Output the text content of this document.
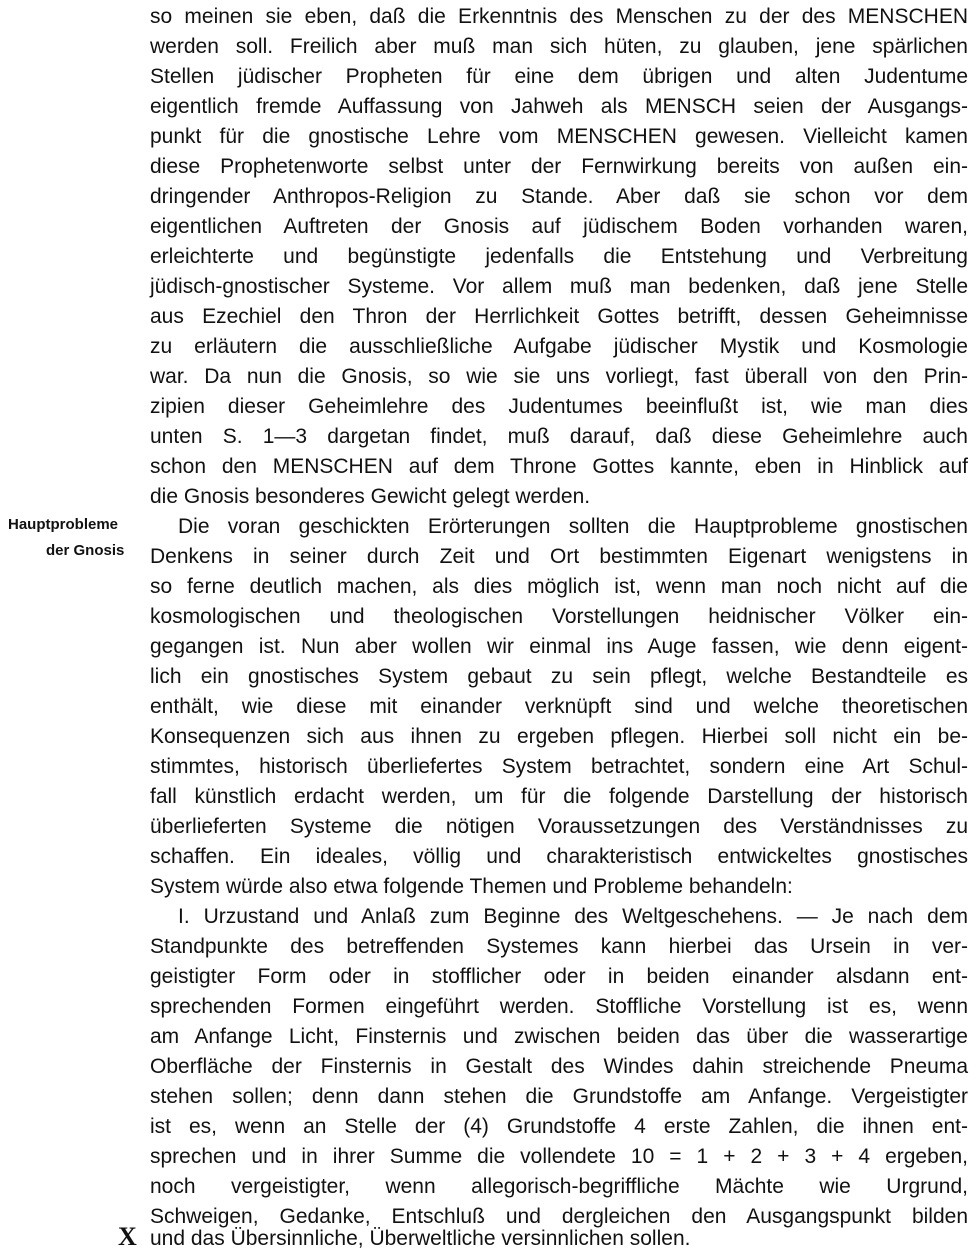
so meinen sie eben, daß die Erkenntnis des Menschen zu der des MENSCHEN
werden soll. Freilich aber muß man sich hüten, zu glauben, jene spärlichen
Stellen jüdischer Propheten für eine dem übrigen und alten Judentume
eigentlich fremde Auffassung von Jahweh als MENSCH seien der Ausgangs-
punkt für die gnostische Lehre vom MENSCHEN gewesen. Vielleicht kamen
diese Prophetenworte selbst unter der Fernwirkung bereits von außen ein-
dringender Anthropos-Religion zu Stande. Aber daß sie schon vor dem
eigentlichen Auftreten der Gnosis auf jüdischem Boden vorhanden waren,
erleichterte und begünstigte jedenfalls die Entstehung und Verbreitung
jüdisch-gnostischer Systeme. Vor allem muß man bedenken, daß jene Stelle
aus Ezechiel den Thron der Herrlichkeit Gottes betrifft, dessen Geheimnisse
zu erläutern die ausschließliche Aufgabe jüdischer Mystik und Kosmologie
war. Da nun die Gnosis, so wie sie uns vorliegt, fast überall von den Prin-
zipien dieser Geheimlehre des Judentumes beeinflußt ist, wie man dies
unten S. 1—3 dargetan findet, muß darauf, daß diese Geheimlehre auch
schon den MENSCHEN auf dem Throne Gottes kannte, eben in Hinblick auf
die Gnosis besonderes Gewicht gelegt werden.
Hauptprobleme
der Gnosis
Die voran geschickten Erörterungen sollten die Hauptprobleme gnostischen
Denkens in seiner durch Zeit und Ort bestimmten Eigenart wenigstens in
so ferne deutlich machen, als dies möglich ist, wenn man noch nicht auf die
kosmologischen und theologischen Vorstellungen heidnischer Völker ein-
gegangen ist. Nun aber wollen wir einmal ins Auge fassen, wie denn eigent-
lich ein gnostisches System gebaut zu sein pflegt, welche Bestandteile es
enthält, wie diese mit einander verknüpft sind und welche theoretischen
Konsequenzen sich aus ihnen zu ergeben pflegen. Hierbei soll nicht ein be-
stimmtes, historisch überliefertes System betrachtet, sondern eine Art Schul-
fall künstlich erdacht werden, um für die folgende Darstellung der historisch
überlieferten Systeme die nötigen Voraussetzungen des Verständnisses zu
schaffen. Ein ideales, völlig und charakteristisch entwickeltes gnostisches
System würde also etwa folgende Themen und Probleme behandeln:
I. Urzustand und Anlaß zum Beginne des Weltgeschehens. — Je nach dem
Standpunkte des betreffenden Systemes kann hierbei das Ursein in ver-
geistigter Form oder in stofflicher oder in beiden einander alsdann ent-
sprechenden Formen eingeführt werden. Stoffliche Vorstellung ist es, wenn
am Anfange Licht, Finsternis und zwischen beiden das über die wasserartige
Oberfläche der Finsternis in Gestalt des Windes dahin streichende Pneuma
stehen sollen; denn dann stehen die Grundstoffe am Anfange. Vergeistigter
ist es, wenn an Stelle der (4) Grundstoffe 4 erste Zahlen, die ihnen ent-
sprechen und in ihrer Summe die vollendete 10 = 1 + 2 + 3 + 4 ergeben,
noch vergeistigter, wenn allegorisch-begriffliche Mächte wie Urgrund,
Schweigen, Gedanke, Entschluß und dergleichen den Ausgangspunkt bilden
und das Übersinnliche, Überweltliche versinnlichen sollen.
X
